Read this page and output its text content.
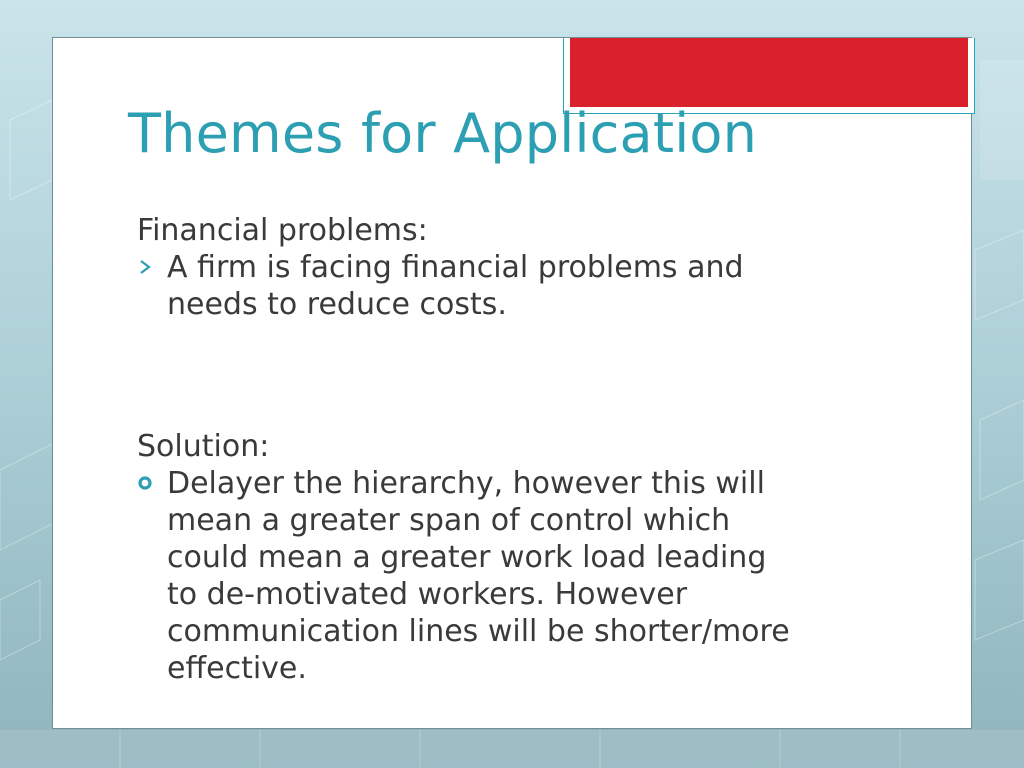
Themes for Application

Financial problems:

A firm is facing financial problems and
needs to reduce costs.

Solution:

Delayer the hierarchy, however this will
mean a greater span of control which
could mean a greater work load leading
to de-motivated workers. However
communication lines will be shorter/more
effective.
